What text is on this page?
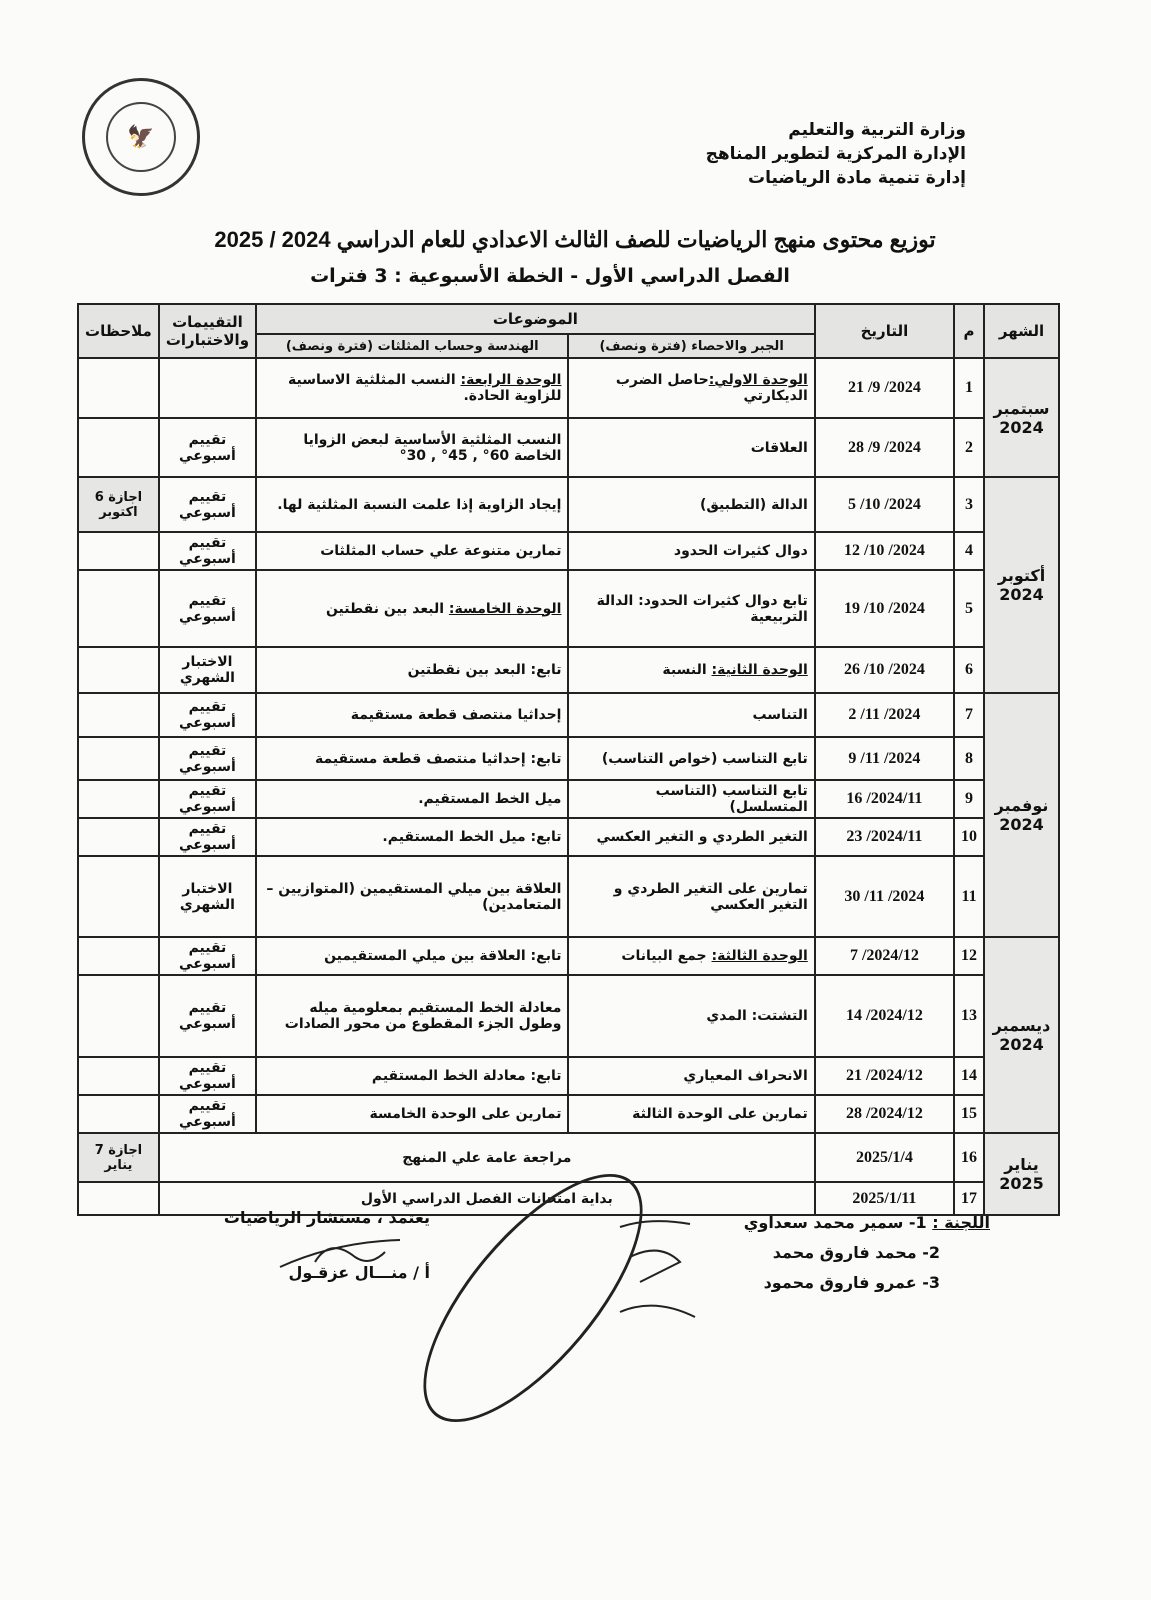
🦅	وزارة التربية والتعليم
الإدارة المركزية لتطوير المناهج
إدارة تنمية مادة الرياضيات
توزيع محتوى منهج الرياضيات للصف الثالث الاعدادي للعام الدراسي 2024 / 2025
الفصل الدراسي الأول - الخطة الأسبوعية : 3 فترات
الشهر	م	التاريخ	الموضوعات		التقييمات والاختبارات	ملاحظات
			الجبر والاحصاء (فترة ونصف)	الهندسة وحساب المثلثات (فترة ونصف)		

سبتمبر
2024	1	2024/ 9/ 21	الوحدة الاولي:حاصل الضرب الديكارتي	الوحدة الرابعة: النسب المثلثية الاساسية للزاوية الحادة.		
	2	2024/ 9/ 28	العلاقات	النسب المثلثية الأساسية لبعض الزوايا الخاصة 60° , 45° , 30°	تقييم أسبوعي	

أكتوبر
2024	3	2024/ 10/ 5	الدالة (التطبيق)	إيجاد الزاوية إذا علمت النسبة المثلثية لها.	تقييم أسبوعي	اجازة 6 اكتوبر
	4	2024/ 10/ 12	دوال كثيرات الحدود	تمارين متنوعة علي حساب المثلثات	تقييم أسبوعي	
	5	2024/ 10/ 19	تابع دوال كثيرات الحدود: الدالة التربيعية	الوحدة الخامسة: البعد بين نقطتين	تقييم أسبوعي	
	6	2024/ 10/ 26	الوحدة الثانية: النسبة	تابع: البعد بين نقطتين	الاختبار الشهري	

نوفمبر
2024	7	2024/ 11/ 2	التناسب	إحداثيا منتصف قطعة مستقيمة	تقييم أسبوعي	
	8	2024/ 11/ 9	تابع التناسب (خواص التناسب)	تابع: إحداثيا منتصف قطعة مستقيمة	تقييم أسبوعي	
	9	2024/11/ 16	تابع التناسب (التناسب المتسلسل)	ميل الخط المستقيم.	تقييم أسبوعي	
	10	2024/11/ 23	التغير الطردي و التغير العكسي	تابع: ميل الخط المستقيم.	تقييم أسبوعي	
	11	2024/ 11/ 30	تمارين على التغير الطردي و التغير العكسي	العلاقة بين ميلي المستقيمين (المتوازيين – المتعامدين)	الاختبار الشهري	

ديسمبر
2024	12	2024/12/ 7	الوحدة الثالثة: جمع البيانات	تابع: العلاقة بين ميلي المستقيمين	تقييم أسبوعي	
	13	2024/12/ 14	التشتت: المدي	معادلة الخط المستقيم بمعلومية ميله وطول الجزء المقطوع من محور الصادات	تقييم أسبوعي	
	14	2024/12/ 21	الانحراف المعياري	تابع: معادلة الخط المستقيم	تقييم أسبوعي	
	15	2024/12/ 28	تمارين على الوحدة الثالثة	تمارين على الوحدة الخامسة	تقييم أسبوعي	

يناير
2025	16	2025/1/4	مراجعة عامة علي المنهج			اجازة 7 يناير
	17	2025/1/11	بداية امتحانات الفصل الدراسي الأول			
اللجنة : 1- سمير محمد سعداوي
2- محمد فاروق محمد
3- عمرو فاروق محمود
يعتمد ، مستشار الرياضيات
أ / منـــال عزقـول
